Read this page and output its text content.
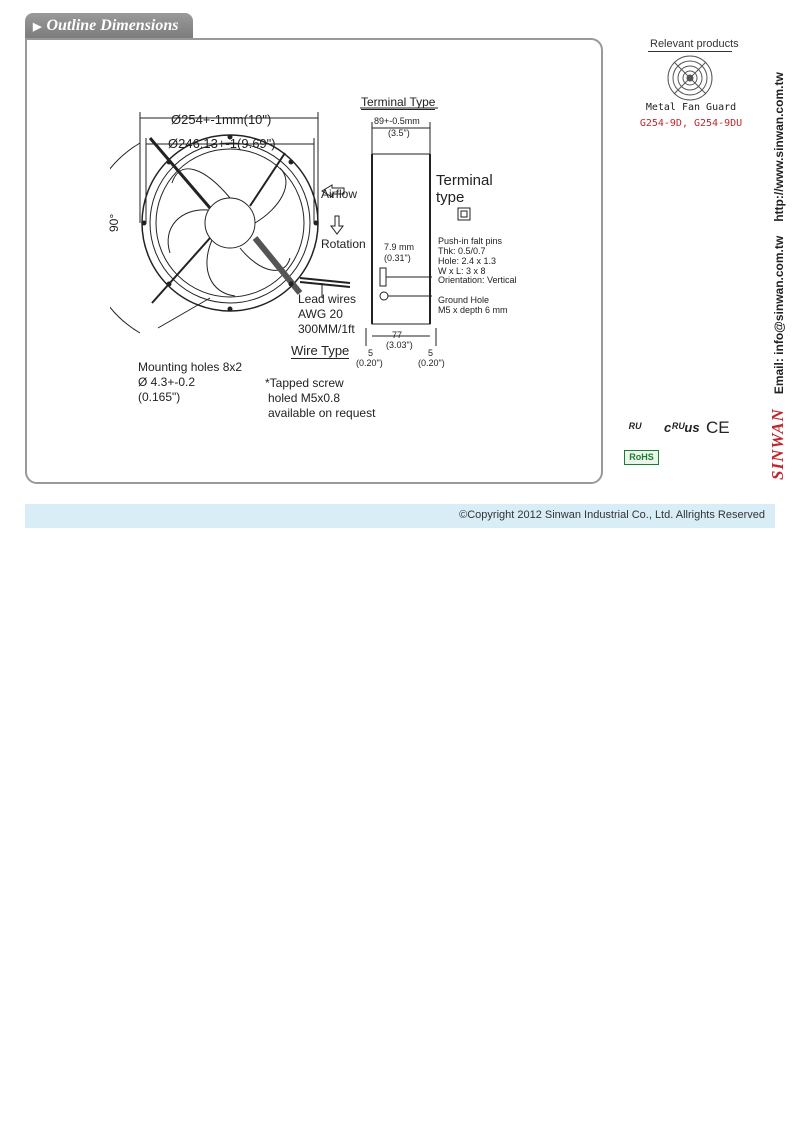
▶ Outline Dimensions
Ø254+-1mm(10")
Ø246.13+-1(9.69")
90°
Airflow
Rotation
Lead wires
AWG 20
300MM/1ft
Wire Type
Mounting holes 8x2
Ø 4.3+-0.2
(0.165")
*Tapped screw
holed M5x0.8
available on request
Terminal Type
89+-0.5mm
(3.5")
Terminal
type
7.9 mm
(0.31")
Push-in falt pins
Thk: 0.5/0.7
Hole: 2.4 x 1.3
W x L: 3 x 8
Orientation: Vertical
Ground Hole
M5 x depth 6 mm
77
(3.03")
5
(0.20")
5
(0.20")
Relevant products
Metal Fan Guard
G254-9D, G254-9DU
SINWANEmail: info@sinwan.com.twhttp://www.sinwan.com.tw
ᴿᵁ cᴿᵁus CE
RoHS
©Copyright 2012 Sinwan Industrial Co., Ltd. Allrights Reserved
